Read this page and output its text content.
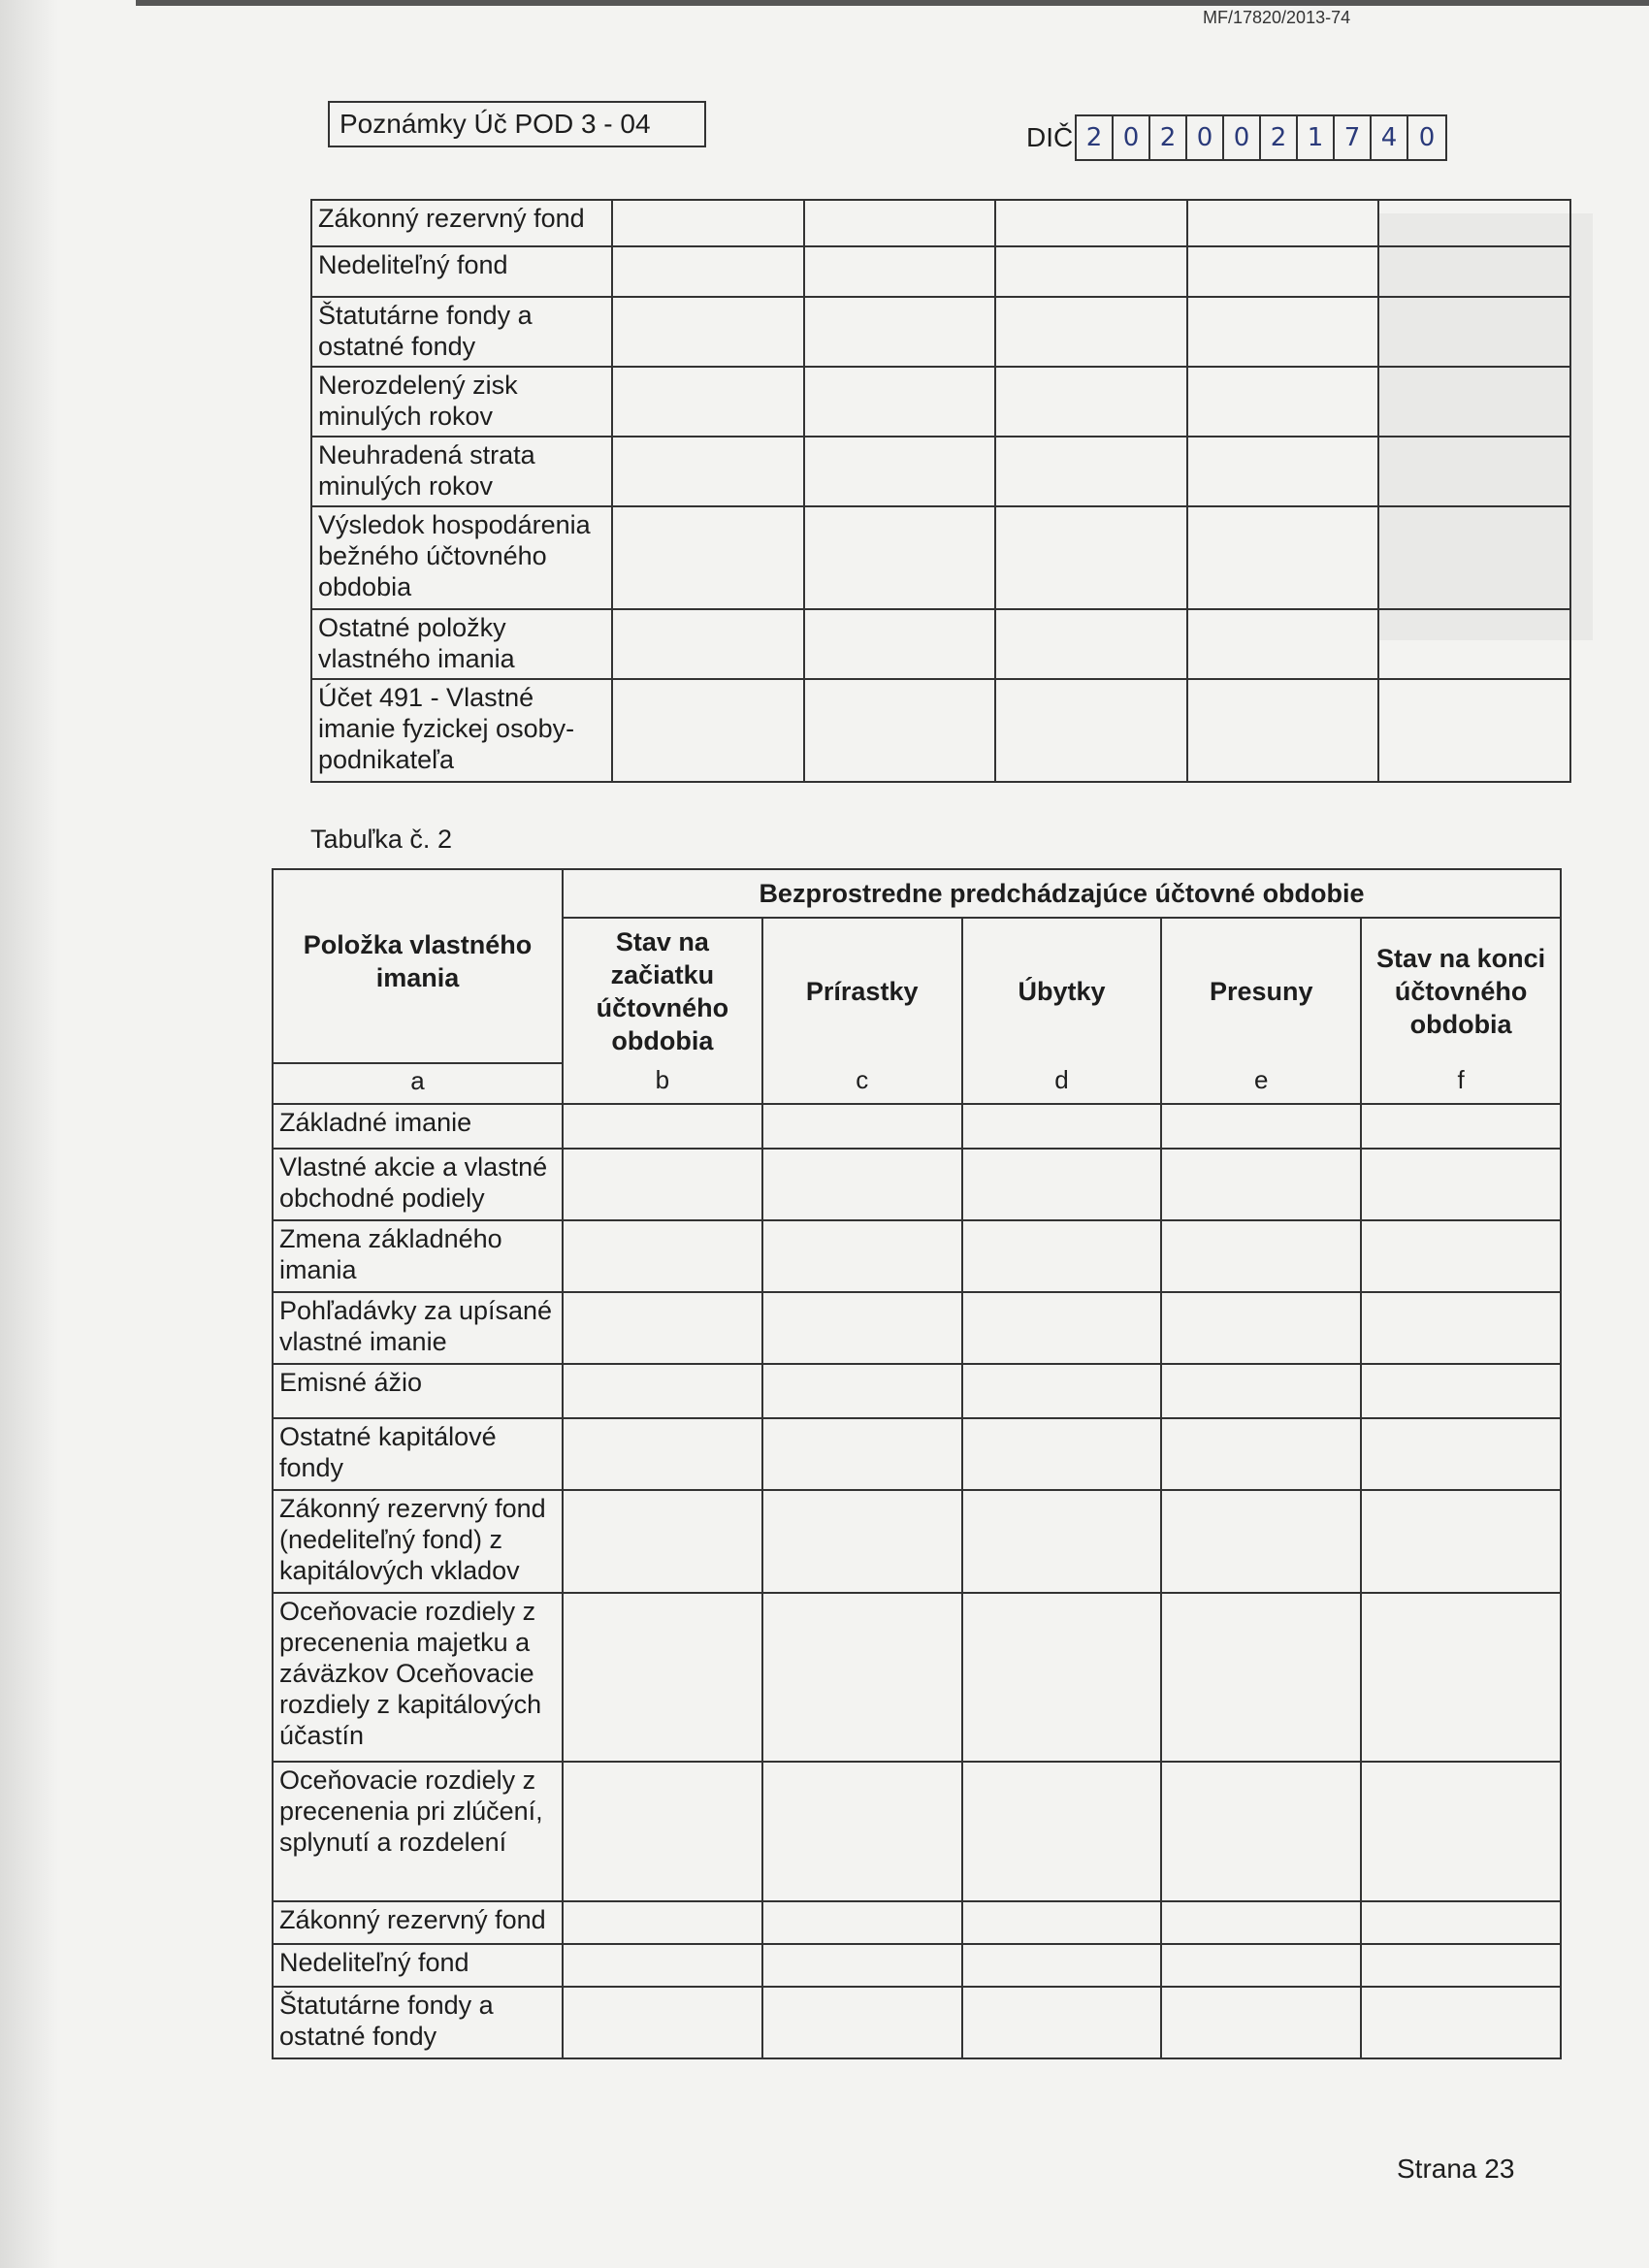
MF/17820/2013-74
Poznámky Úč POD 3 - 04	DIČ 2 0 2 0 0 2 1 7 4 0
Zákonný rezervný fond					
Nedeliteľný fond					
Štatutárne fondy a ostatné fondy					
Nerozdelený zisk minulých rokov					
Neuhradená strata minulých rokov					
Výsledok hospodárenia bežného účtovného obdobia					
Ostatné položky vlastného imania					
Účet 491 - Vlastné imanie fyzickej osoby-podnikateľa					
Tabuľka č. 2
Položka vlastného imania	Bezprostredne predchádzajúce účtovné obdobie				
	Stav na začiatku účtovného obdobia	Prírastky	Úbytky	Presuny	Stav na konci účtovného obdobia
a	b	c	d	e	f
Základné imanie					
Vlastné akcie a vlastné obchodné podiely					
Zmena základného imania					
Pohľadávky za upísané vlastné imanie					
Emisné ážio					
Ostatné kapitálové fondy					
Zákonný rezervný fond (nedeliteľný fond) z kapitálových vkladov					
Oceňovacie rozdiely z precenenia majetku a záväzkov Oceňovacie rozdiely z kapitálových účastín					
Oceňovacie rozdiely z precenenia pri zlúčení, splynutí a rozdelení					
Zákonný rezervný fond					
Nedeliteľný fond					
Štatutárne fondy a ostatné fondy					
Strana 23
